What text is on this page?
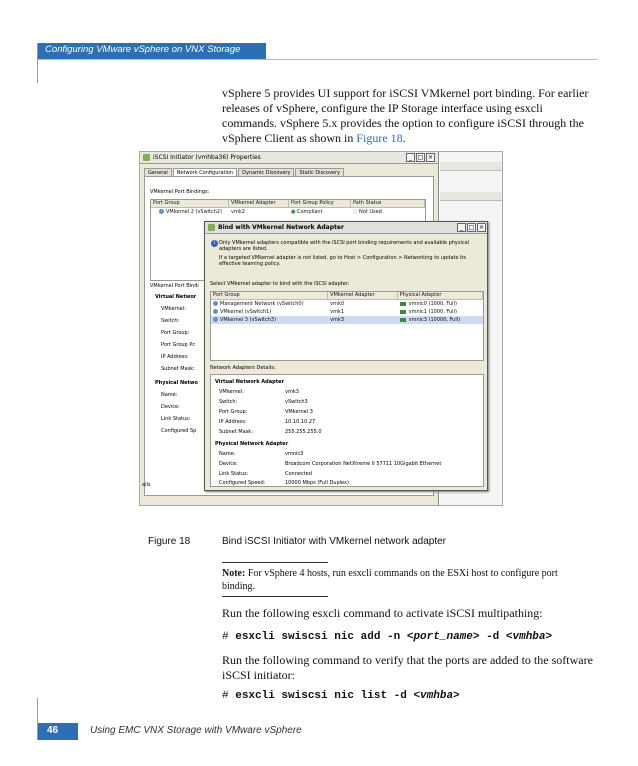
Configuring VMware vSphere on VNX Storage
vSphere 5 provides UI support for iSCSI VMkernel port binding. For earlier releases of vSphere, configure the IP Storage interface using esxcli commands. vSphere 5.x provides the option to configure iSCSI through the vSphere Client as shown in Figure 18.
iSCSI Initiator (vmhba36) Properties	_ □ ×
General	Network Configuration	Dynamic Discovery	Static Discovery
VMkernel Port Bindings:
Port Group	VMkernel Adapter	Port Group Policy	Path Status
VMkernel 2 (vSwitch2)	vmk2	● Compliant	○ Not Used
VMkernel Port Bindi
Virtual Networ
VMkernel:
Switch:
Port Group:
Port Group Pc
IP Address:
Subnet Mask:
Physical Netwo
Name:
Device:
Link Status:
Configured Sp
ails
Bind with VMkernel Network Adapter	_ □ ×
i Only VMkernel adapters compatible with the iSCSI port binding requirements and available physical adapters are listed.
If a targeted VMkernel adapter is not listed, go to Host > Configuration > Networking to update its effective teaming policy.
Select VMkernel adapter to bind with the iSCSI adapter:
Port Group	VMkernel Adapter	Physical Adapter
Management Network (vSwitch0)	vmk0	vmnic0 (1000, Full)
VMkernel (vSwitch1)	vmk1	vmnic1 (1000, Full)
VMkernel 3 (vSwitch3)	vmk3	vmnic3 (10000, Full)
Network Adapters Details:
Virtual Network Adapter
VMkernel:	vmk3
Switch:	vSwitch3
Port Group:	VMkernel 3
IP Address:	10.10.10.27
Subnet Mask:	255.255.255.0
Physical Network Adapter
Name:	vmnic3
Device:	Broadcom Corporation NetXtreme II 57711 10Gigabit Ethernet
Link Status:	Connected
Configured Speed:	10000 Mbps (Full Duplex)
Figure 18	Bind iSCSI Initiator with VMkernel network adapter
Note: For vSphere 4 hosts, run esxcli commands on the ESXi host to configure port binding.
Run the following esxcli command to activate iSCSI multipathing:
# esxcli swiscsi nic add -n <port_name> -d <vmhba>
Run the following command to verify that the ports are added to the software iSCSI initiator:
# esxcli swiscsi nic list -d <vmhba>
46	Using EMC VNX Storage with VMware vSphere
